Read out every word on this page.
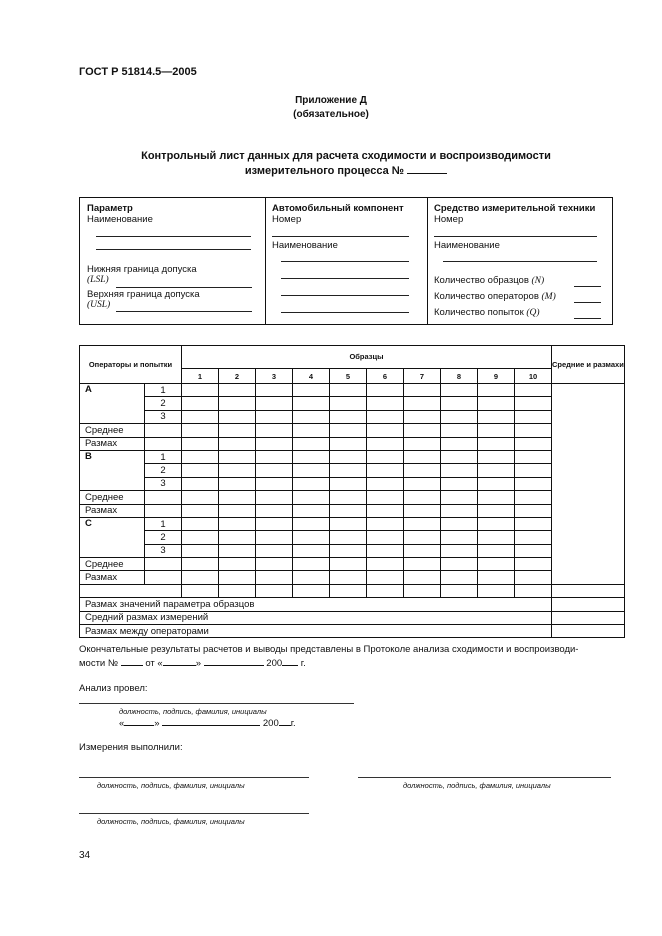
ГОСТ Р 51814.5—2005
Приложение Д
(обязательное)
Контрольный лист данных для расчета сходимости и воспроизводимости
измерительного процесса №
Параметр
Наименование
Нижняя граница допуска
(LSL)
Верхняя граница допуска
(USL)
Автомобильный компонент
Номер
Наименование
Средство измерительной техники
Номер
Наименование
Количество образцов (N)
Количество операторов (M)
Количество попыток (Q)
Операторы и попытки		Образцы										Средние и размахи
		1	2	3	4	5	6	7	8	9	10	
A	1											
	2											
	3											
Среднее												
Размах												
B	1											
	2											
	3											
Среднее												
Размах												
C	1											
	2											
	3											
Среднее												
Размах												

Размах значений параметра образцов												
Средний размах измерений												
Размах между операторами												
Окончательные результаты расчетов и выводы представлены в Протоколе анализа сходимости и воспроизводи-
мости №	от «	»	200 г.
Анализ провел:
должность, подпись, фамилия, инициалы
«	»	200 г.
Измерения выполнили:
должность, подпись, фамилия, инициалы	должность, подпись, фамилия, инициалы
должность, подпись, фамилия, инициалы
34
